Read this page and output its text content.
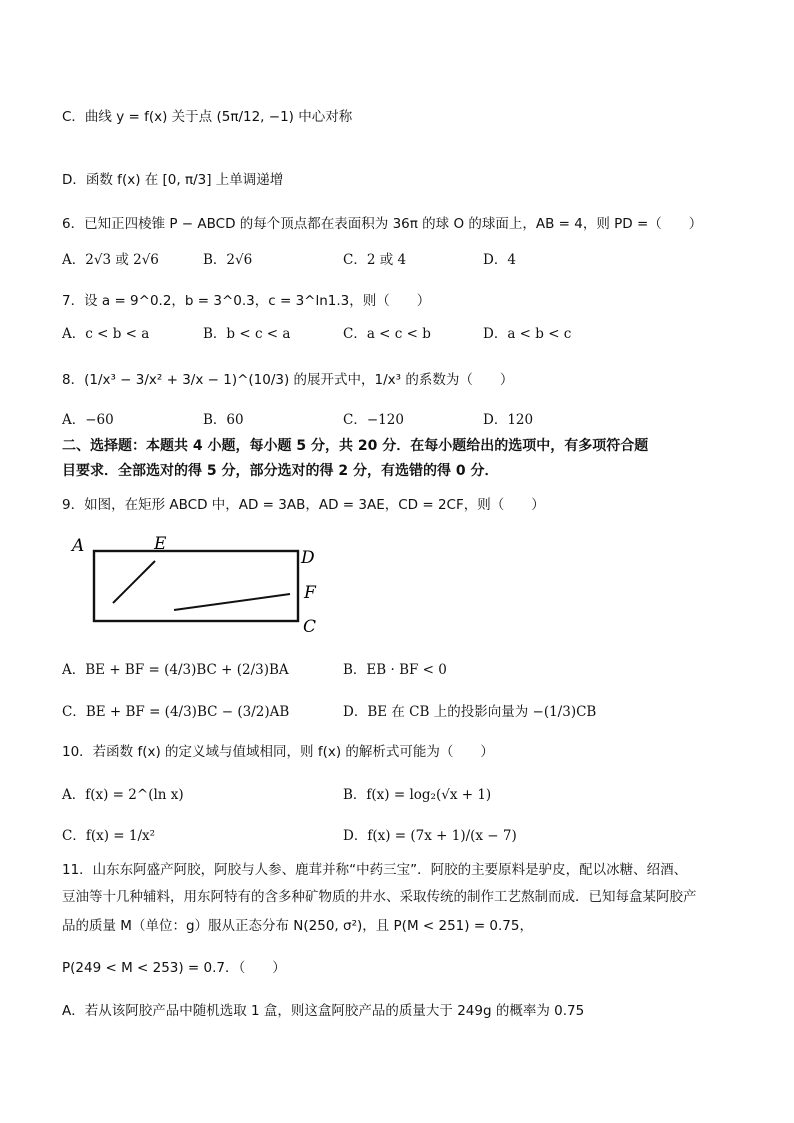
C．曲线 y = f(x) 关于点 (5π/12, −1) 中心对称
D．函数 f(x) 在 [0, π/3] 上单调递增
6．已知正四棱锥 P − ABCD 的每个顶点都在表面积为 36π 的球 O 的球面上，AB = 4，则 PD =（　　）
A．2√3 或 2√6	B．2√6	C．2 或 4	D．4
7．设 a = 9^0.2，b = 3^0.3，c = 3^ln1.3，则（　　）
A．c < b < a	B．b < c < a	C．a < c < b	D．a < b < c
8．(1/x³ − 3/x² + 3/x − 1)^(10/3) 的展开式中，1/x³ 的系数为（　　）
A．−60	B．60	C．−120	D．120
二、选择题：本题共 4 小题，每小题 5 分，共 20 分．在每小题给出的选项中，有多项符合题
目要求．全部选对的得 5 分，部分选对的得 2 分，有选错的得 0 分．
9．如图，在矩形 ABCD 中，AD = 3AB，AD = 3AE，CD = 2CF，则（　　）
A	E
D
F
C
A．BE + BF = (4/3)BC + (2/3)BA	B．EB · BF < 0
C．BE + BF = (4/3)BC − (3/2)AB	D．BE 在 CB 上的投影向量为 −(1/3)CB
10．若函数 f(x) 的定义域与值域相同，则 f(x) 的解析式可能为（　　）
A．f(x) = 2^(ln x)	B．f(x) = log₂(√x + 1)
C．f(x) = 1/x²	D．f(x) = (7x + 1)/(x − 7)
11．山东东阿盛产阿胶，阿胶与人参、鹿茸并称“中药三宝”．阿胶的主要原料是驴皮，配以冰糖、绍酒、
豆油等十几种辅料，用东阿特有的含多种矿物质的井水、采取传统的制作工艺熬制而成．已知每盒某阿胶产
品的质量 M（单位：g）服从正态分布 N(250, σ²)，且 P(M < 251) = 0.75，
P(249 < M < 253) = 0.7．（　　）
A．若从该阿胶产品中随机选取 1 盒，则这盒阿胶产品的质量大于 249g 的概率为 0.75
